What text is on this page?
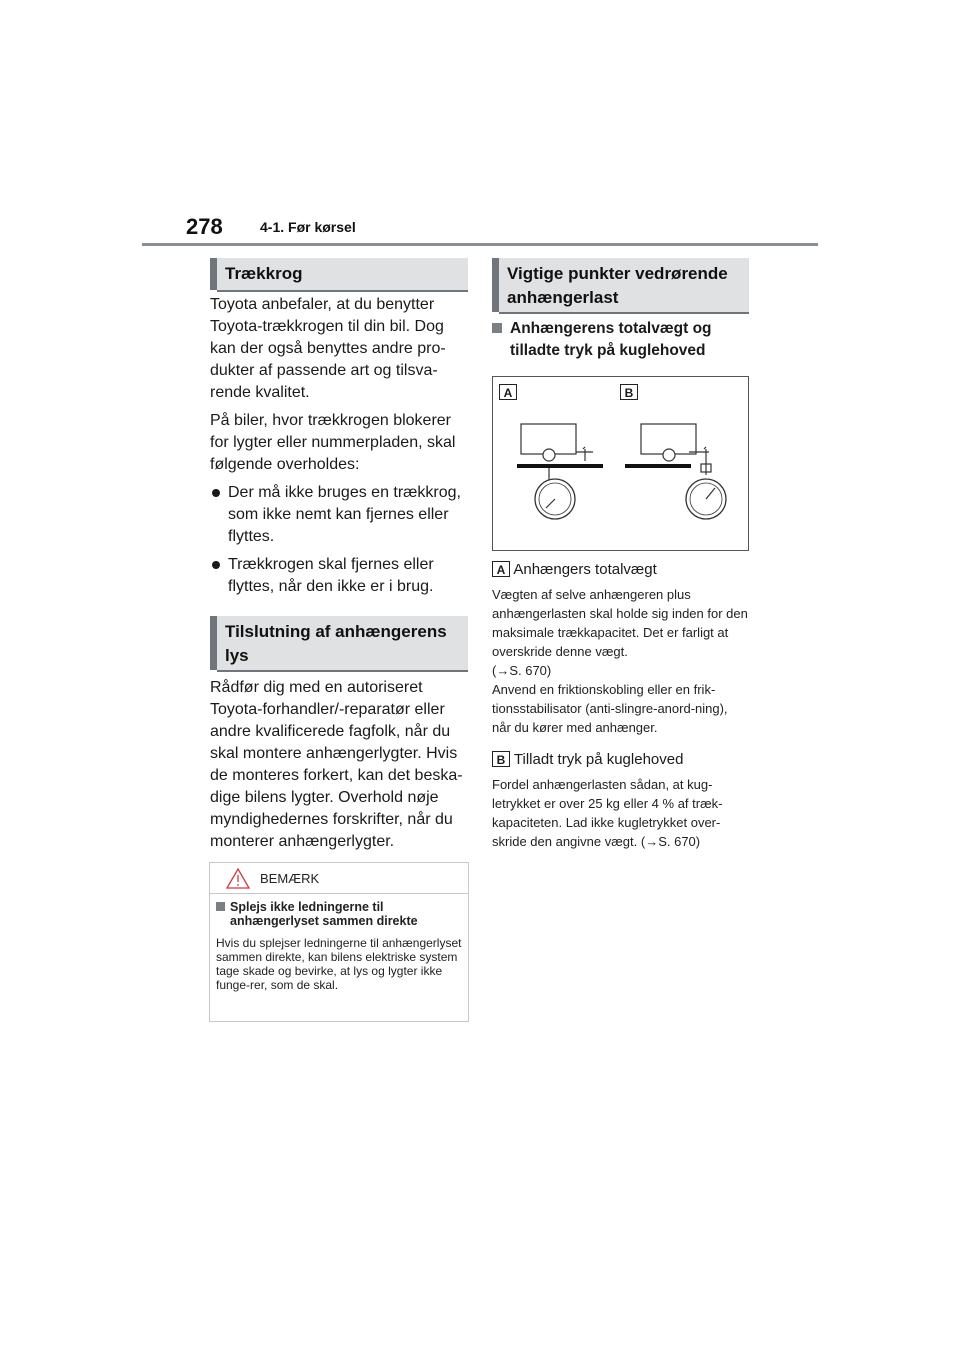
278	4-1. Før kørsel
Trækkrog

Toyota anbefaler, at du benytter Toyota-trækkrogen til din bil. Dog kan der også benyttes andre pro-dukter af passende art og tilsva-rende kvalitet.

På biler, hvor trækkrogen blokerer for lygter eller nummerpladen, skal følgende overholdes:

Der må ikke bruges en trækkrog, som ikke nemt kan fjernes eller flyttes.
Trækkrogen skal fjernes eller flyttes, når den ikke er i brug.
Tilslutning af anhængerens lys

Rådfør dig med en autoriseret Toyota-forhandler/-reparatør eller andre kvalificerede fagfolk, når du skal montere anhængerlygter. Hvis de monteres forkert, kan det beska-dige bilens lygter. Overhold nøje myndighedernes forskrifter, når du monterer anhængerlygter.

BEMÆRK
Splejs ikke ledningerne til anhængerlyset sammen direkte
Hvis du splejser ledningerne til anhængerlyset sammen direkte, kan bilens elektriske system tage skade og bevirke, at lys og lygter ikke funge-rer, som de skal.
Vigtige punkter vedrørende anhængerlast
Anhængerens totalvægt og tilladte tryk på kuglehoved
A	B
A Anhængers totalvægt
Vægten af selve anhængeren plus anhængerlasten skal holde sig inden for den maksimale trækkapacitet. Det er farligt at overskride denne vægt.
(→S. 670)
Anvend en friktionskobling eller en frik-tionsstabilisator (anti-slingre-anord-ning), når du kører med anhænger.
B Tilladt tryk på kuglehoved
Fordel anhængerlasten sådan, at kug-letrykket er over 25 kg eller 4 % af træk-kapaciteten. Lad ikke kugletrykket over-skride den angivne vægt. (→S. 670)
